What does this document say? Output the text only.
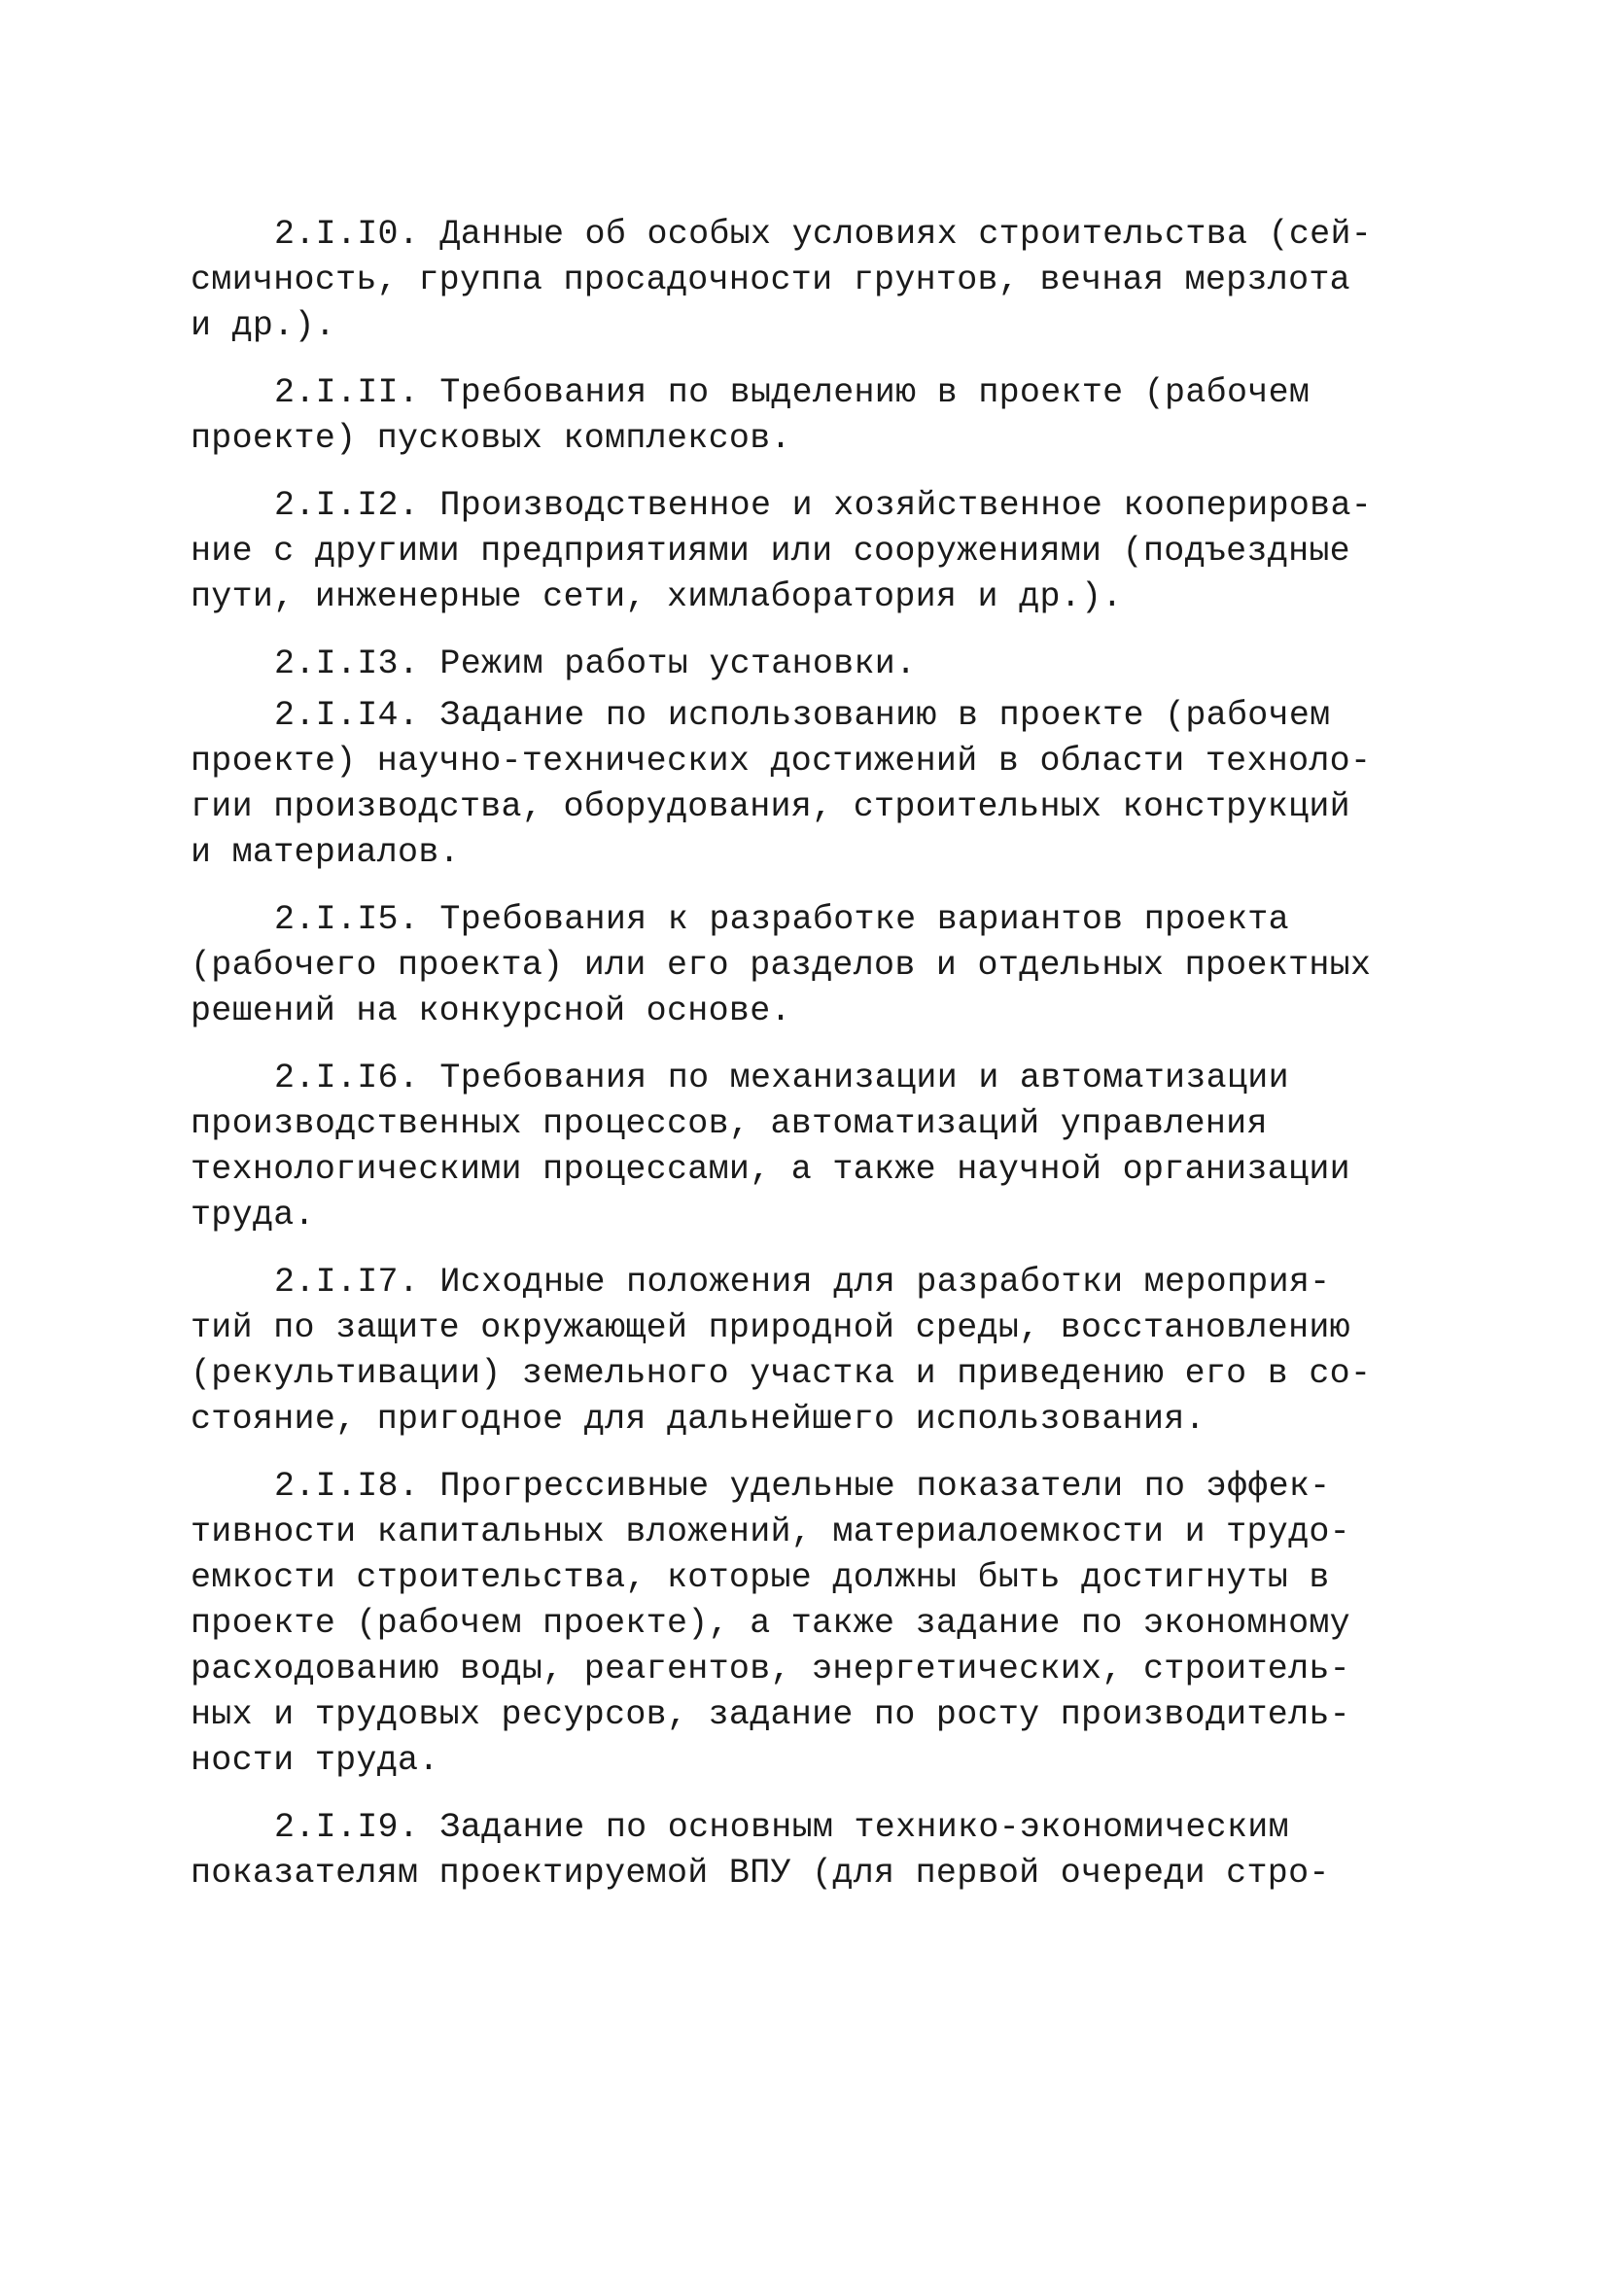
2.I.I0. Данные об особых условиях строительства (сей-
смичность, группа просадочности грунтов, вечная мерзлота
и др.).

2.I.II. Требования по выделению в проекте (рабочем
проекте) пусковых комплексов.

2.I.I2. Производственное и хозяйственное кооперирова-
ние с другими предприятиями или сооружениями (подъездные
пути, инженерные сети, химлаборатория и др.).

2.I.I3. Режим работы установки.

2.I.I4. Задание по использованию в проекте (рабочем
проекте) научно-технических достижений в области техноло-
гии производства, оборудования, строительных конструкций
и материалов.

2.I.I5. Требования к разработке вариантов проекта
(рабочего проекта) или его разделов и отдельных проектных
решений на конкурсной основе.

2.I.I6. Требования по механизации и автоматизации
производственных процессов, автоматизаций управления
технологическими процессами, а также научной организации
труда.

2.I.I7. Исходные положения для разработки мероприя-
тий по защите окружающей природной среды, восстановлению
(рекультивации) земельного участка и приведению его в со-
стояние, пригодное для дальнейшего использования.

2.I.I8. Прогрессивные удельные показатели по эффек-
тивности капитальных вложений, материалоемкости и трудо-
емкости строительства, которые должны быть достигнуты в
проекте (рабочем проекте), а также задание по экономному
расходованию воды, реагентов, энергетических, строитель-
ных и трудовых ресурсов, задание по росту производитель-
ности труда.

2.I.I9. Задание по основным технико-экономическим
показателям проектируемой ВПУ (для первой очереди стро-
